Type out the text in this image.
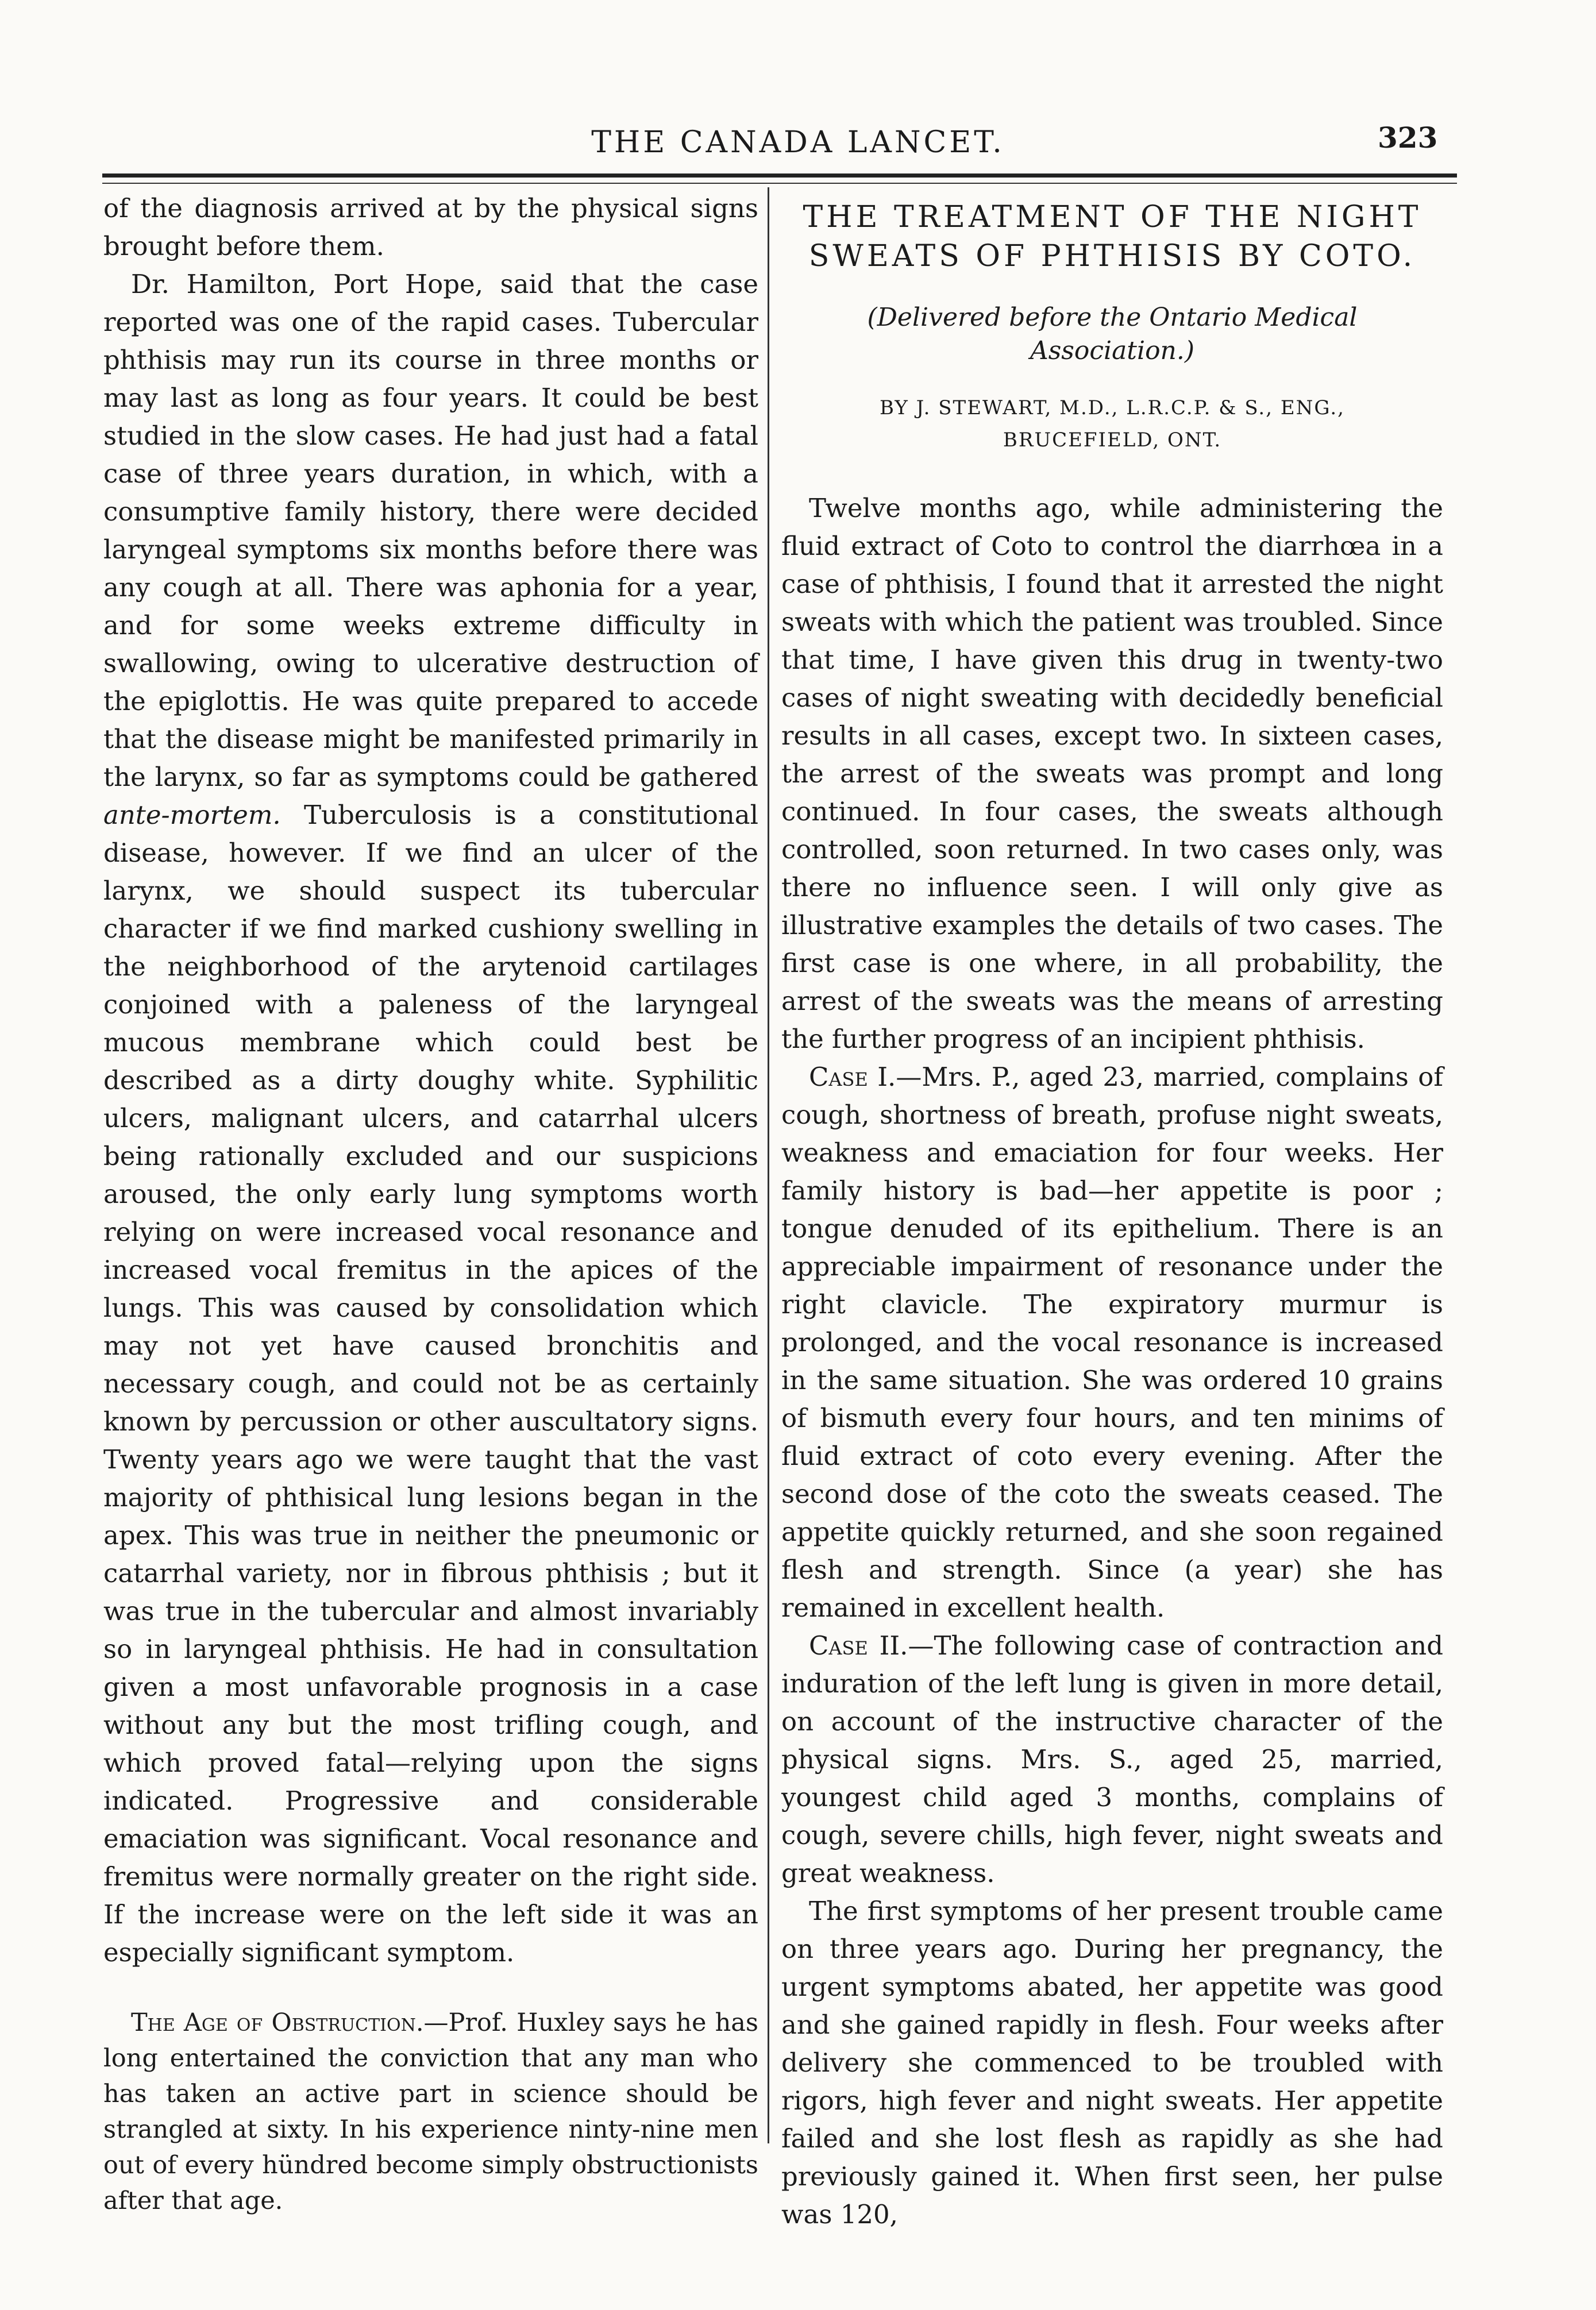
THE CANADA LANCET.	323

of the diagnosis arrived at by the physical signs brought before them.

Dr. Hamilton, Port Hope, said that the case reported was one of the rapid cases. Tubercular phthisis may run its course in three months or may last as long as four years. It could be best studied in the slow cases. He had just had a fatal case of three years duration, in which, with a consumptive family history, there were decided laryngeal symptoms six months before there was any cough at all. There was aphonia for a year, and for some weeks extreme difficulty in swallowing, owing to ulcerative destruction of the epiglottis. He was quite prepared to accede that the disease might be manifested primarily in the larynx, so far as symptoms could be gathered ante-mortem. Tuberculosis is a constitutional disease, however. If we find an ulcer of the larynx, we should suspect its tubercular character if we find marked cushiony swelling in the neighborhood of the arytenoid cartilages conjoined with a paleness of the laryngeal mucous membrane which could best be described as a dirty doughy white. Syphilitic ulcers, malignant ulcers, and catarrhal ulcers being rationally excluded and our suspicions aroused, the only early lung symptoms worth relying on were increased vocal resonance and increased vocal fremitus in the apices of the lungs. This was caused by consolidation which may not yet have caused bronchitis and necessary cough, and could not be as certainly known by percussion or other auscultatory signs. Twenty years ago we were taught that the vast majority of phthisical lung lesions began in the apex. This was true in neither the pneumonic or catarrhal variety, nor in fibrous phthisis ; but it was true in the tubercular and almost invariably so in laryngeal phthisis. He had in consultation given a most unfavorable prognosis in a case without any but the most trifling cough, and which proved fatal—relying upon the signs indicated. Progressive and considerable emaciation was significant. Vocal resonance and fremitus were normally greater on the right side. If the increase were on the left side it was an especially significant symptom.

The Age of Obstruction.—Prof. Huxley says he has long entertained the conviction that any man who has taken an active part in science should be strangled at sixty. In his experience ninty-nine men out of every hündred become simply obstructionists after that age.

THE TREATMENT OF THE NIGHT
SWEATS OF PHTHISIS BY COTO.
(Delivered before the Ontario Medical Association.)
BY J. STEWART, M.D., L.R.C.P. & S., ENG.,
BRUCEFIELD, ONT.

Twelve months ago, while administering the fluid extract of Coto to control the diarrhœa in a case of phthisis, I found that it arrested the night sweats with which the patient was troubled. Since that time, I have given this drug in twenty-two cases of night sweating with decidedly beneficial results in all cases, except two. In sixteen cases, the arrest of the sweats was prompt and long continued. In four cases, the sweats although controlled, soon returned. In two cases only, was there no influence seen. I will only give as illustrative examples the details of two cases. The first case is one where, in all probability, the arrest of the sweats was the means of arresting the further progress of an incipient phthisis.

Case I.—Mrs. P., aged 23, married, complains of cough, shortness of breath, profuse night sweats, weakness and emaciation for four weeks. Her family history is bad—her appetite is poor ; tongue denuded of its epithelium. There is an appreciable impairment of resonance under the right clavicle. The expiratory murmur is prolonged, and the vocal resonance is increased in the same situation. She was ordered 10 grains of bismuth every four hours, and ten minims of fluid extract of coto every evening. After the second dose of the coto the sweats ceased. The appetite quickly returned, and she soon regained flesh and strength. Since (a year) she has remained in excellent health.

Case II.—The following case of contraction and induration of the left lung is given in more detail, on account of the instructive character of the physical signs. Mrs. S., aged 25, married, youngest child aged 3 months, complains of cough, severe chills, high fever, night sweats and great weakness.

The first symptoms of her present trouble came on three years ago. During her pregnancy, the urgent symptoms abated, her appetite was good and she gained rapidly in flesh. Four weeks after delivery she commenced to be troubled with rigors, high fever and night sweats. Her appetite failed and she lost flesh as rapidly as she had previously gained it. When first seen, her pulse was 120,
